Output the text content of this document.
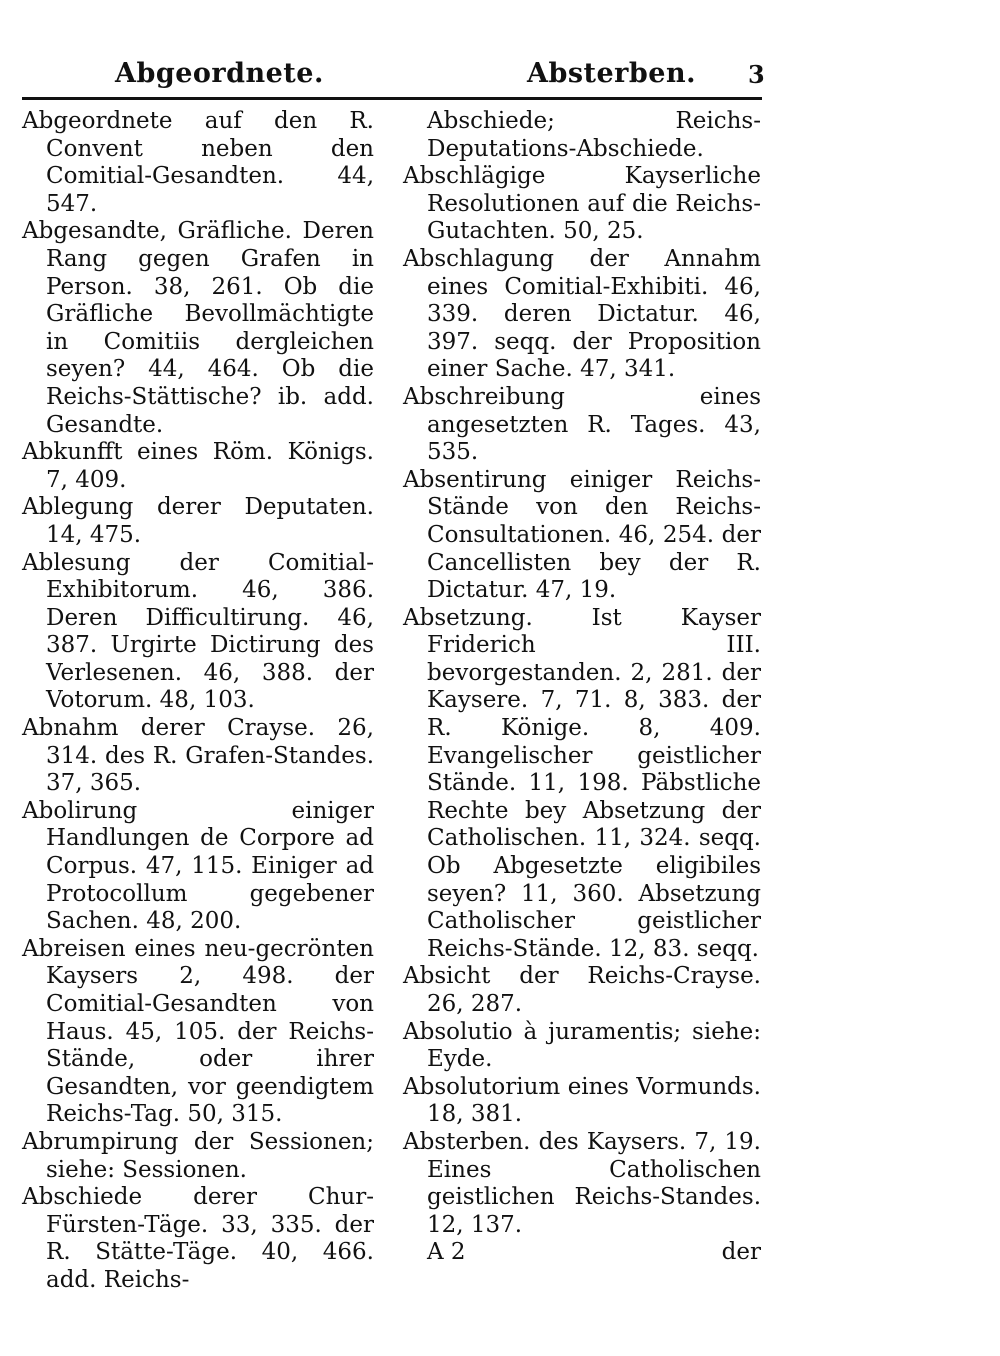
Abgeordnete.	Absterben. 3

Abgeordnete auf den R. Convent neben den Comitial-Gesandten. 44, 547.

Abgesandte, Gräfliche. Deren Rang gegen Grafen in Person. 38, 261. Ob die Gräfliche Bevollmächtigte in Comitiis dergleichen seyen? 44, 464. Ob die Reichs-Stättische? ib. add. Gesandte.

Abkunfft eines Röm. Königs. 7, 409.

Ablegung derer Deputaten. 14, 475.

Ablesung der Comitial-Exhibitorum. 46, 386. Deren Difficultirung. 46, 387. Urgirte Dictirung des Verlesenen. 46, 388. der Votorum. 48, 103.

Abnahm derer Crayse. 26, 314. des R. Grafen-Standes. 37, 365.

Abolirung einiger Handlungen de Corpore ad Corpus. 47, 115. Einiger ad Protocollum gegebener Sachen. 48, 200.

Abreisen eines neu-gecrönten Kaysers 2, 498. der Comitial-Gesandten von Haus. 45, 105. der Reichs-Stände, oder ihrer Gesandten, vor geendigtem Reichs-Tag. 50, 315.

Abrumpirung der Sessionen; siehe: Sessionen.

Abschiede derer Chur-Fürsten-Täge. 33, 335. der R. Stätte-Täge. 40, 466. add. Reichs-

Abschiede; Reichs-Deputations-Abschiede.

Abschlägige Kayserliche Resolutionen auf die Reichs-Gutachten. 50, 25.

Abschlagung der Annahm eines Comitial-Exhibiti. 46, 339. deren Dictatur. 46, 397. seqq. der Proposition einer Sache. 47, 341.

Abschreibung eines angesetzten R. Tages. 43, 535.

Absentirung einiger Reichs-Stände von den Reichs-Consultationen. 46, 254. der Cancellisten bey der R. Dictatur. 47, 19.

Absetzung. Ist Kayser Friderich III. bevorgestanden. 2, 281. der Kaysere. 7, 71. 8, 383. der R. Könige. 8, 409. Evangelischer geistlicher Stände. 11, 198. Päbstliche Rechte bey Absetzung der Catholischen. 11, 324. seqq. Ob Abgesetzte eligibiles seyen? 11, 360. Absetzung Catholischer geistlicher Reichs-Stände. 12, 83. seqq.

Absicht der Reichs-Crayse. 26, 287.

Absolutio à juramentis; siehe: Eyde.

Absolutorium eines Vormunds. 18, 381.

Absterben. des Kaysers. 7, 19. Eines Catholischen geistlichen Reichs-Standes. 12, 137.

A 2	der
